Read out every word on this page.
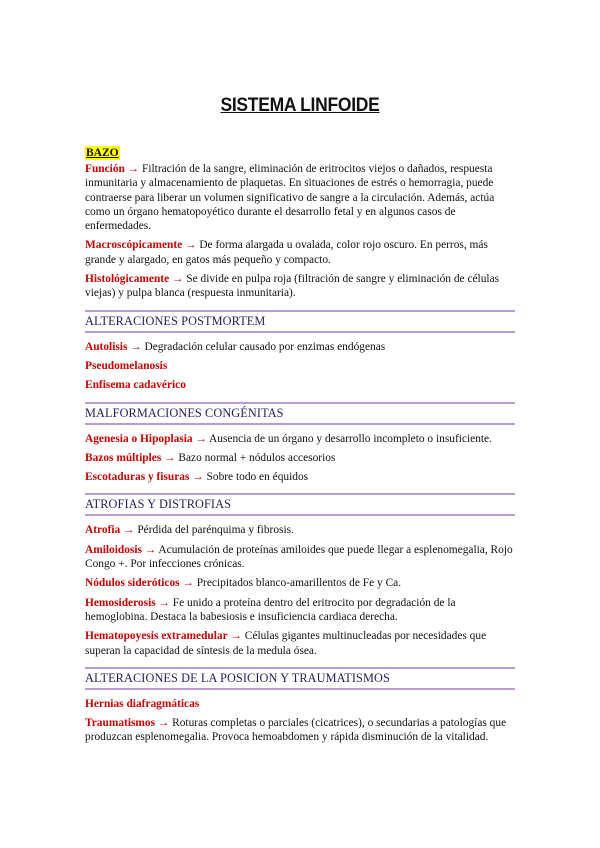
SISTEMA LINFOIDE
BAZO

Función → Filtración de la sangre, eliminación de eritrocitos viejos o dañados, respuesta inmunitaria y almacenamiento de plaquetas. En situaciones de estrés o hemorragia, puede contraerse para liberar un volumen significativo de sangre a la circulación. Además, actúa como un órgano hematopoyético durante el desarrollo fetal y en algunos casos de enfermedades.

Macroscópicamente → De forma alargada u ovalada, color rojo oscuro. En perros, más grande y alargado, en gatos más pequeño y compacto.

Histológicamente → Se divide en pulpa roja (filtración de sangre y eliminación de células viejas) y pulpa blanca (respuesta inmunitaria).

ALTERACIONES POSTMORTEM

Autolisis → Degradación celular causado por enzimas endógenas

Pseudomelanosis

Enfisema cadavérico

MALFORMACIONES CONGÉNITAS

Agenesia o Hipoplasia → Ausencia de un órgano y desarrollo incompleto o insuficiente.

Bazos múltiples → Bazo normal + nódulos accesorios

Escotaduras y fisuras → Sobre todo en équidos

ATROFIAS Y DISTROFIAS

Atrofia → Pérdida del parénquima y fibrosis.

Amiloidosis → Acumulación de proteínas amiloides que puede llegar a esplenomegalia, Rojo Congo +. Por infecciones crónicas.

Nódulos sideróticos → Precipitados blanco-amarillentos de Fe y Ca.

Hemosiderosis → Fe unido a proteína dentro del eritrocito por degradación de la hemoglobina. Destaca la babesiosis e insuficiencia cardiaca derecha.

Hematopoyesis extramedular → Células gigantes multinucleadas por necesidades que superan la capacidad de síntesis de la medula ósea.

ALTERACIONES DE LA POSICION Y TRAUMATISMOS

Hernias diafragmáticas

Traumatismos → Roturas completas o parciales (cicatrices), o secundarias a patologías que produzcan esplenomegalia. Provoca hemoabdomen y rápida disminución de la vitalidad.
